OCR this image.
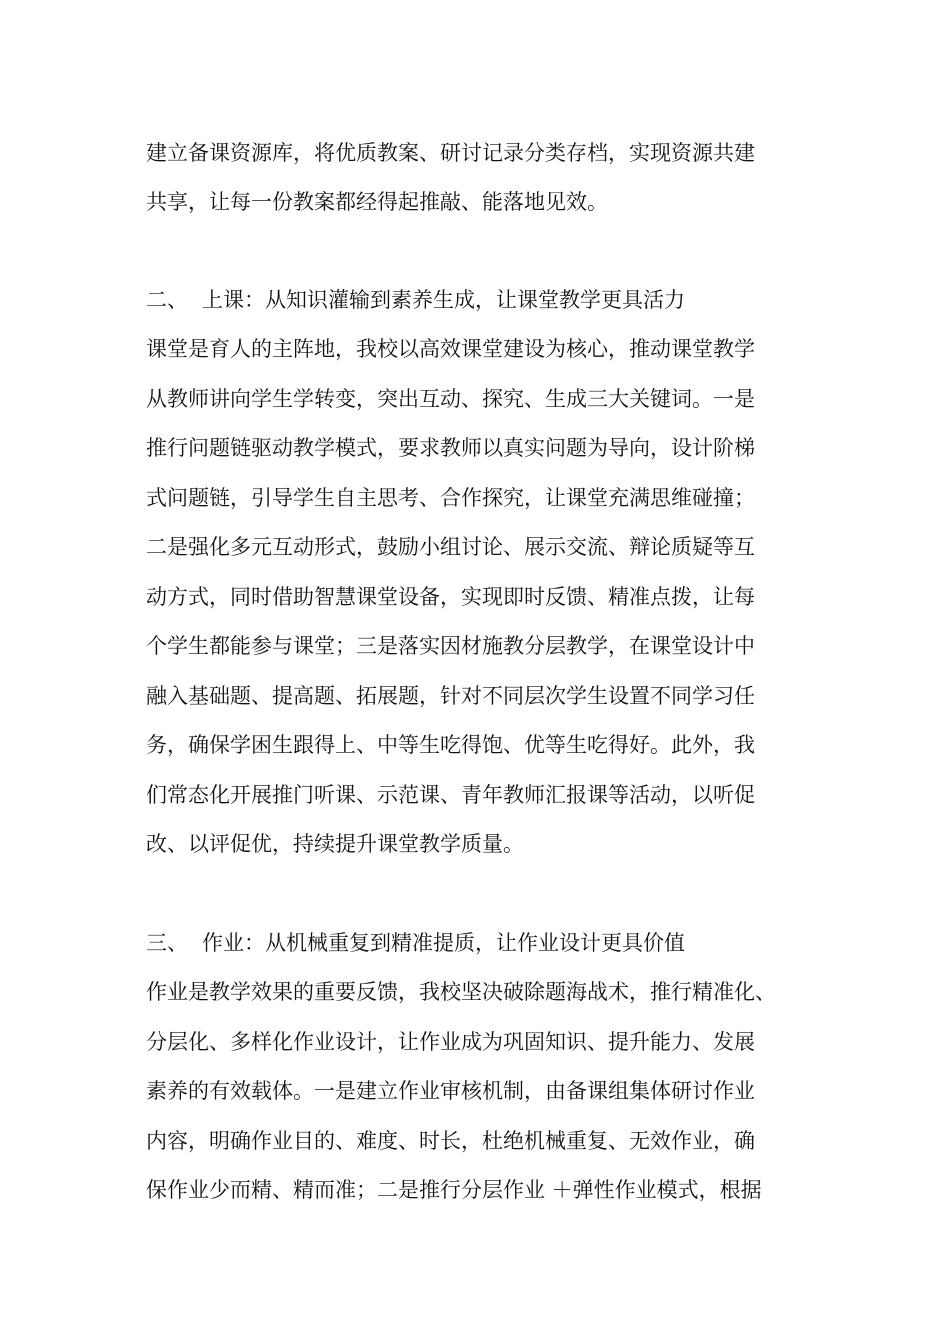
建立备课资源库，将优质教案、研讨记录分类存档，实现资源共建
共享，让每一份教案都经得起推敲、能落地见效。
二、 上课：从知识灌输到素养生成，让课堂教学更具活力
课堂是育人的主阵地，我校以高效课堂建设为核心，推动课堂教学
从教师讲向学生学转变，突出互动、探究、生成三大关键词。一是
推行问题链驱动教学模式，要求教师以真实问题为导向，设计阶梯
式问题链，引导学生自主思考、合作探究，让课堂充满思维碰撞；
二是强化多元互动形式，鼓励小组讨论、展示交流、辩论质疑等互
动方式，同时借助智慧课堂设备，实现即时反馈、精准点拨，让每
个学生都能参与课堂；三是落实因材施教分层教学，在课堂设计中
融入基础题、提高题、拓展题，针对不同层次学生设置不同学习任
务，确保学困生跟得上、中等生吃得饱、优等生吃得好。此外，我
们常态化开展推门听课、示范课、青年教师汇报课等活动，以听促
改、以评促优，持续提升课堂教学质量。
三、 作业：从机械重复到精准提质，让作业设计更具价值
作业是教学效果的重要反馈，我校坚决破除题海战术，推行精准化、
分层化、多样化作业设计，让作业成为巩固知识、提升能力、发展
素养的有效载体。一是建立作业审核机制，由备课组集体研讨作业
内容，明确作业目的、难度、时长，杜绝机械重复、无效作业，确
保作业少而精、精而准；二是推行分层作业 ＋弹性作业模式，根据
